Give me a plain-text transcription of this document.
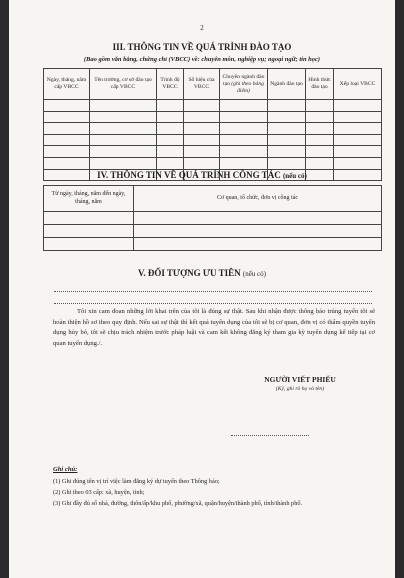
2
III. THÔNG TIN VỀ QUÁ TRÌNH ĐÀO TẠO
(Bao gồm văn bằng, chứng chỉ (VBCC) về: chuyên môn, nghiệp vụ; ngoại ngữ; tin học)
Ngày, tháng, năm cấp VBCC	Tên trường, cơ sở đào tạo cấp VBCC	Trình độ VBCC	Số hiệu của VBCC	Chuyên ngành đào tạo (ghi theo bảng điểm)	Ngành đào tạo	Hình thức đào tạo	Xếp loại VBCC

IV. THÔNG TIN VỀ QUÁ TRÌNH CÔNG TÁC (nếu có)
Từ ngày, tháng, năm đến ngày, tháng, năm	Cơ quan, tổ chức, đơn vị công tác

V. ĐỐI TƯỢNG ƯU TIÊN (nếu có)
Tôi xin cam đoan những lời khai trên của tôi là đúng sự thật. Sau khi nhận được thông báo trúng tuyển tôi sẽ hoàn thiện hồ sơ theo quy định. Nếu sai sự thật thì kết quả tuyển dụng của tôi sẽ bị cơ quan, đơn vị có thẩm quyền tuyển dụng hủy bỏ, tôi sẽ chịu trách nhiệm trước pháp luật và cam kết không đăng ký tham gia kỳ tuyển dụng kế tiếp tại cơ quan tuyển dụng./.
NGƯỜI VIẾT PHIẾU
(Ký, ghi rõ họ và tên)
Ghi chú:
(1) Ghi đúng tên vị trí việc làm đăng ký dự tuyển theo Thông báo;
(2) Ghi theo 03 cấp: xã, huyện, tỉnh;
(3) Ghi đầy đủ số nhà, đường, thôn/ấp/khu phố, phường/xã, quận/huyện/thành phố, tỉnh/thành phố.
